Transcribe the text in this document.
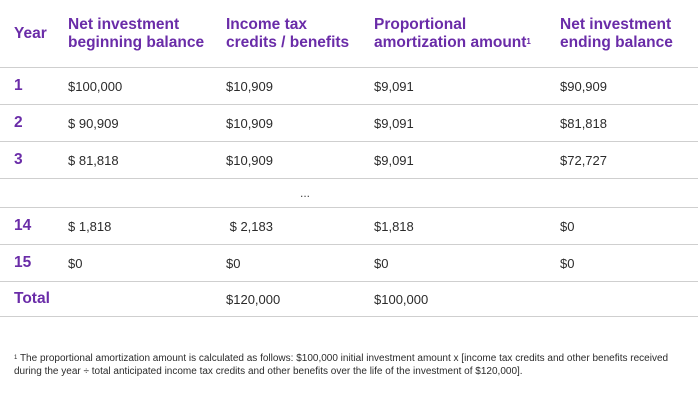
Year	Net investment beginning balance	Income tax credits / benefits	Proportional amortization amount$^1$	Net investment ending balance
1	$100,000	$10,909	$9,091	$90,909
2	$ 90,909	$10,909	$9,091	$81,818
3	$ 81,818	$10,909	$9,091	$72,727
...				
14	$ 1,818	$ 2,183	$1,818	$0
15	$0	$0	$0	$0
Total		$120,000	$100,000	
$^1$ The proportional amortization amount is calculated as follows: $100,000 initial investment amount x [income tax credits and other benefits received during the year ÷ total anticipated income tax credits and other benefits over the life of the investment of $120,000].
